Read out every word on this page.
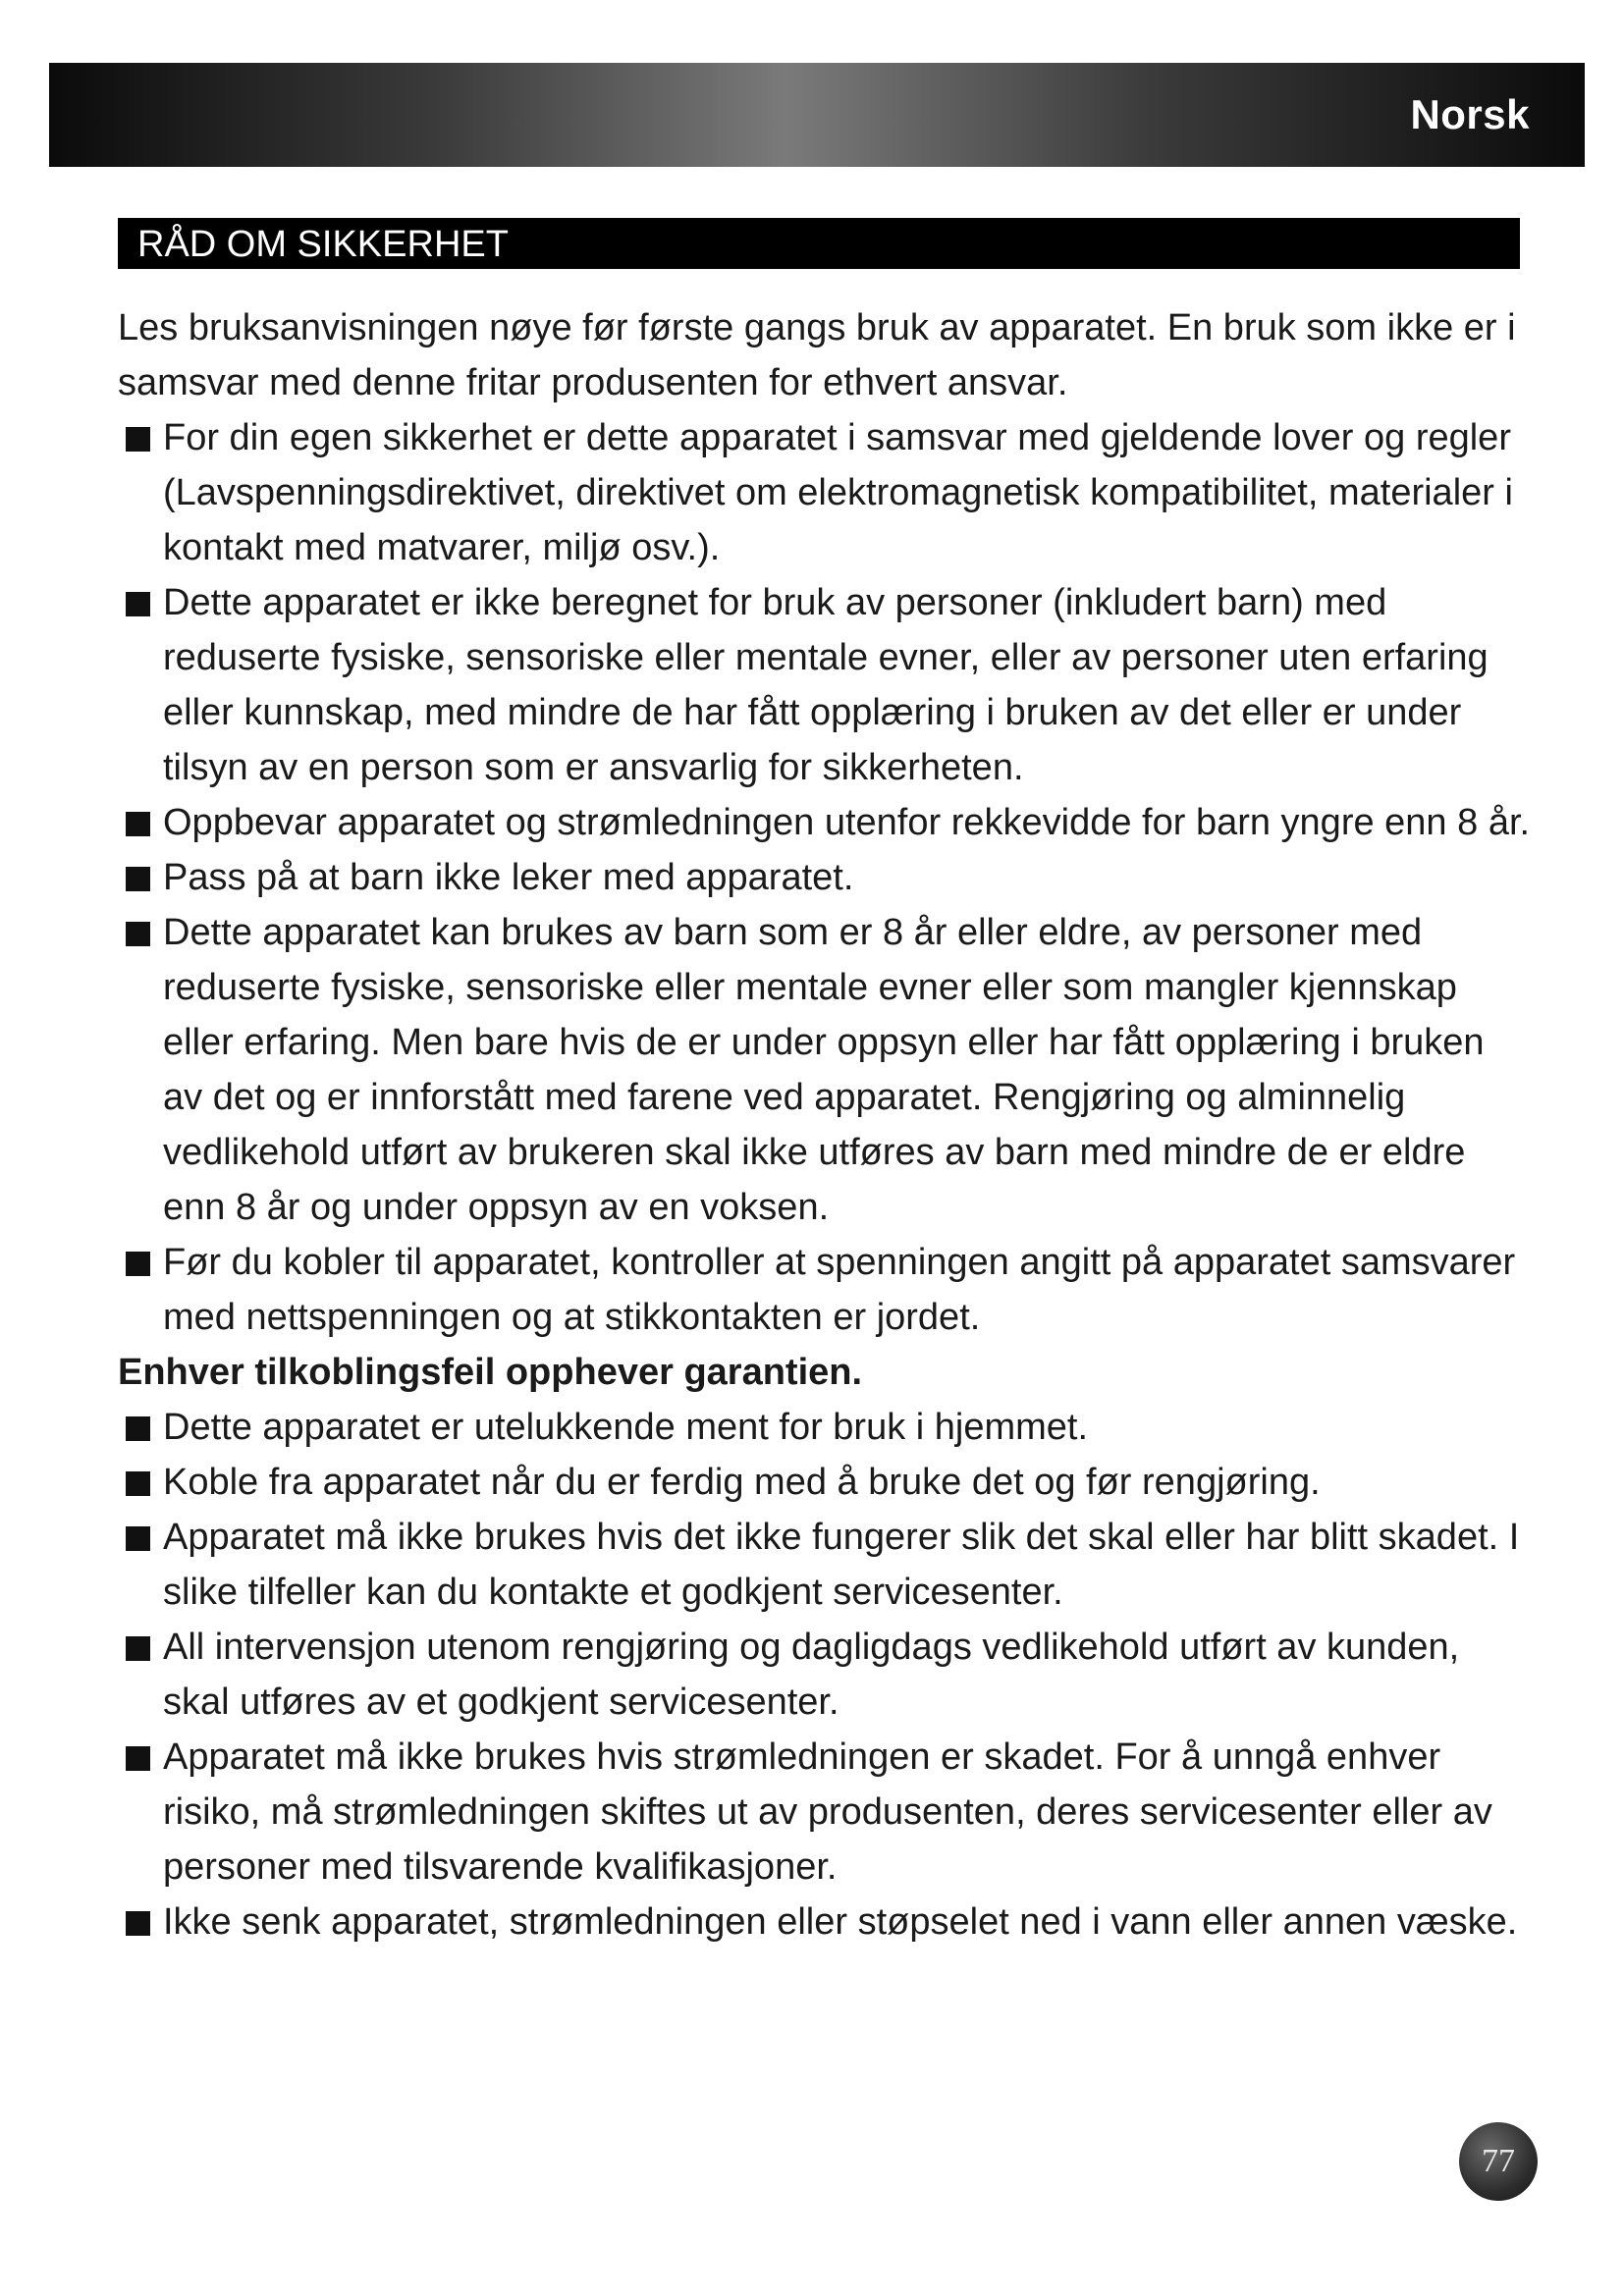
Norsk
RÅD OM SIKKERHET

Les bruksanvisningen nøye før første gangs bruk av apparatet. En bruk som ikke er i samsvar med denne fritar produsenten for ethvert ansvar.

For din egen sikkerhet er dette apparatet i samsvar med gjeldende lover og regler (Lavspenningsdirektivet, direktivet om elektromagnetisk kompatibilitet, materialer i kontakt med matvarer, miljø osv.).
Dette apparatet er ikke beregnet for bruk av personer (inkludert barn) med reduserte fysiske, sensoriske eller mentale evner, eller av personer uten erfaring eller kunnskap, med mindre de har fått opplæring i bruken av det eller er under tilsyn av en person som er ansvarlig for sikkerheten.
Oppbevar apparatet og strømledningen utenfor rekkevidde for barn yngre enn 8 år.
Pass på at barn ikke leker med apparatet.
Dette apparatet kan brukes av barn som er 8 år eller eldre, av personer med reduserte fysiske, sensoriske eller mentale evner eller som mangler kjennskap eller erfaring. Men bare hvis de er under oppsyn eller har fått opplæring i bruken av det og er innforstått med farene ved apparatet. Rengjøring og alminnelig vedlikehold utført av brukeren skal ikke utføres av barn med mindre de er eldre enn 8 år og under oppsyn av en voksen.
Før du kobler til apparatet, kontroller at spenningen angitt på apparatet samsvarer med nettspenningen og at stikkontakten er jordet.

Enhver tilkoblingsfeil opphever garantien.

Dette apparatet er utelukkende ment for bruk i hjemmet.
Koble fra apparatet når du er ferdig med å bruke det og før rengjøring.
Apparatet må ikke brukes hvis det ikke fungerer slik det skal eller har blitt skadet. I slike tilfeller kan du kontakte et godkjent servicesenter.
All intervensjon utenom rengjøring og dagligdags vedlikehold utført av kunden, skal utføres av et godkjent servicesenter.
Apparatet må ikke brukes hvis strømledningen er skadet. For å unngå enhver risiko, må strømledningen skiftes ut av produsenten, deres servicesenter eller av personer med tilsvarende kvalifikasjoner.
Ikke senk apparatet, strømledningen eller støpselet ned i vann eller annen væske.
77
